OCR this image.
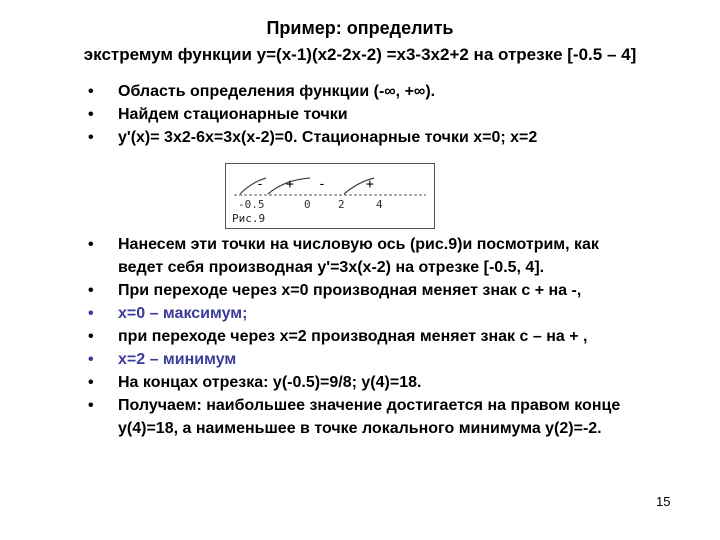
Пример: определить
экстремум функции y=(x-1)(x2-2x-2) =x3-3x2+2 на отрезке [-0.5 – 4]
• Область определения функции (-∞, +∞).
• Найдем стационарные точки
• y'(x)= 3x2-6x=3x(x-2)=0. Стационарные точки x=0; x=2
- + -	+
-0.5	0 2	4
Рис.9
• Нанесем эти точки на числовую ось (рис.9)и посмотрим, как
ведет себя производная y'=3x(x-2) на отрезке [-0.5, 4].
• При переходе через x=0 производная меняет знак с + на -,
• x=0 – максимум;
• при переходе через x=2 производная меняет знак с – на + ,
• x=2 – минимум
• На концах отрезка: y(-0.5)=9/8; y(4)=18.
• Получаем: наибольшее значение достигается на правом конце
y(4)=18, а наименьшее в точке локального минимума y(2)=-2.
15
